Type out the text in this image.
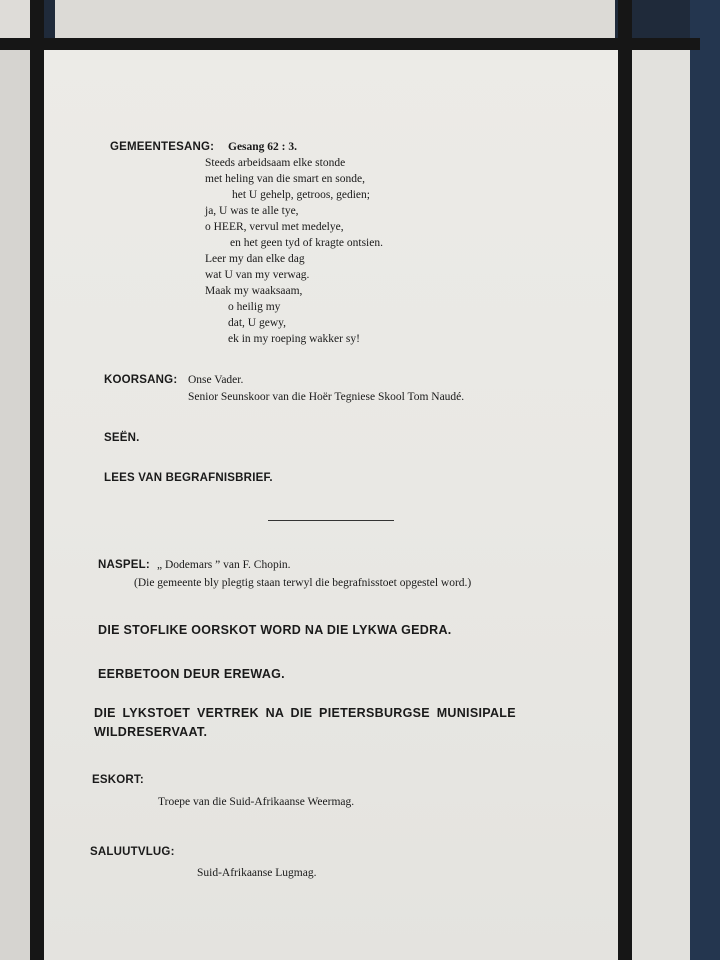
GEMEENTESANG: Gesang 62 : 3.
Steeds arbeidsaam elke stonde
met heling van die smart en sonde,
het U gehelp, getroos, gedien;
ja, U was te alle tye,
o HEER, vervul met medelye,
en het geen tyd of kragte ontsien.
Leer my dan elke dag
wat U van my verwag.
Maak my waaksaam,
o heilig my
dat, U gewy,
ek in my roeping wakker sy!
KOORSANG: Onse Vader.
Senior Seunskoor van die Hoër Tegniese Skool Tom Naudé.
SEËN.
LEES VAN BEGRAFNISBRIEF.
NASPEL: „ Dodemars ” van F. Chopin.
(Die gemeente bly plegtig staan terwyl die begrafnisstoet opgestel word.)
DIE STOFLIKE OORSKOT WORD NA DIE LYKWA GEDRA.
EERBETOON DEUR EREWAG.
DIE LYKSTOET VERTREK NA DIE PIETERSBURGSE MUNISIPALE
WILDRESERVAAT.
ESKORT:
Troepe van die Suid-Afrikaanse Weermag.
SALUUTVLUG:
Suid-Afrikaanse Lugmag.
